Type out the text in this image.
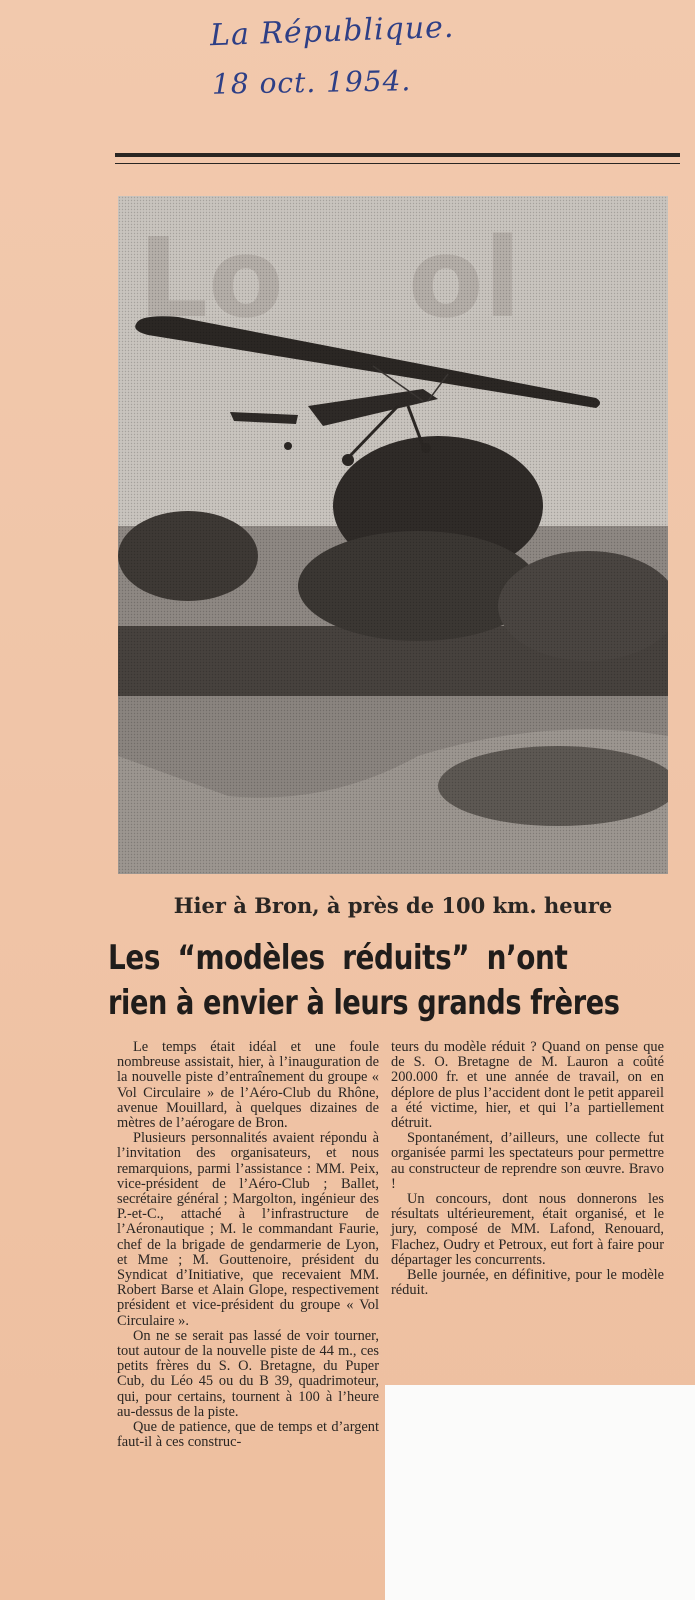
La République.
18 oct. 1954.
Hier à Bron, à près de 100 km. heure
Les “modèles réduits” n’ont
rien à envier à leurs grands frères

Le temps était idéal et une foule nombreuse assistait, hier, à l’inauguration de la nouvelle piste d’entraînement du groupe « Vol Circulaire » de l’Aéro-Club du Rhône, avenue Mouillard, à quelques dizaines de mètres de l’aérogare de Bron.

Plusieurs personnalités avaient répondu à l’invitation des organisateurs, et nous remarquions, parmi l’assistance : MM. Peix, vice-président de l’Aéro-Club ; Ballet, secrétaire général ; Margolton, ingénieur des P.-et-C., attaché à l’infrastructure de l’Aéronautique ; M. le commandant Faurie, chef de la brigade de gendarmerie de Lyon, et Mme ; M. Gouttenoire, président du Syndicat d’Initiative, que recevaient MM. Robert Barse et Alain Glope, respectivement président et vice-président du groupe « Vol Circulaire ».

On ne se serait pas lassé de voir tourner, tout autour de la nouvelle piste de 44 m., ces petits frères du S. O. Bretagne, du Puper Cub, du Léo 45 ou du B 39, quadrimoteur, qui, pour certains, tournent à 100 à l’heure au-dessus de la piste.

Que de patience, que de temps et d’argent faut-il à ces construc-

teurs du modèle réduit ? Quand on pense que de S. O. Bretagne de M. Lauron a coûté 200.000 fr. et une année de travail, on en déplore de plus l’accident dont le petit appareil a été victime, hier, et qui l’a partiellement détruit.

Spontanément, d’ailleurs, une collecte fut organisée parmi les spectateurs pour permettre au constructeur de reprendre son œuvre. Bravo !

Un concours, dont nous donnerons les résultats ultérieurement, était organisé, et le jury, composé de MM. Lafond, Renouard, Flachez, Oudry et Petroux, eut fort à faire pour départager les concurrents.

Belle journée, en définitive, pour le modèle réduit.
